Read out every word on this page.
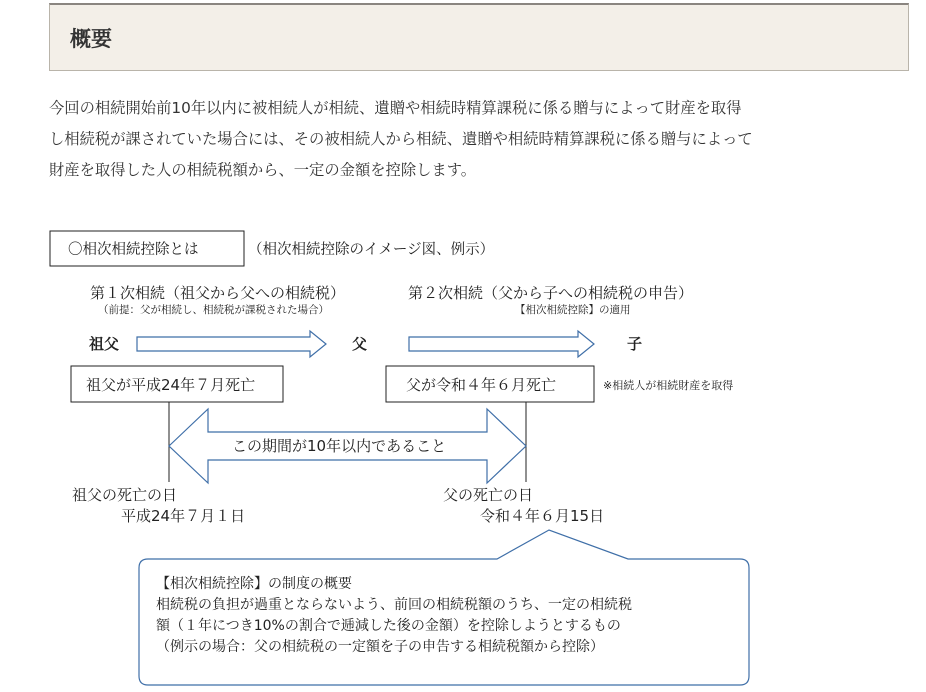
概要

今回の相続開始前10年以内に被相続人が相続、遺贈や相続時精算課税に係る贈与によって財産を取得

し相続税が課されていた場合には、その被相続人から相続、遺贈や相続時精算課税に係る贈与によって

財産を取得した人の相続税額から、一定の金額を控除します。

〇相次相続控除とは	（相次相続控除のイメージ図、例示）
第１次相続（祖父から父への相続税）
（前提：父が相続し、相続税が課税された場合）
第２次相続（父から子への相続税の申告）
【相次相続控除】の適用
祖父	父	子
祖父が平成24年７月死亡	父が令和４年６月死亡	※相続人が相続財産を取得
この期間が10年以内であること
祖父の死亡の日
平成24年７月１日
父の死亡の日
令和４年６月15日
【相次相続控除】の制度の概要
相続税の負担が過重とならないよう、前回の相続税額のうち、一定の相続税
額（１年につき10%の割合で逓減した後の金額）を控除しようとするもの
（例示の場合：父の相続税の一定額を子の申告する相続税額から控除）
